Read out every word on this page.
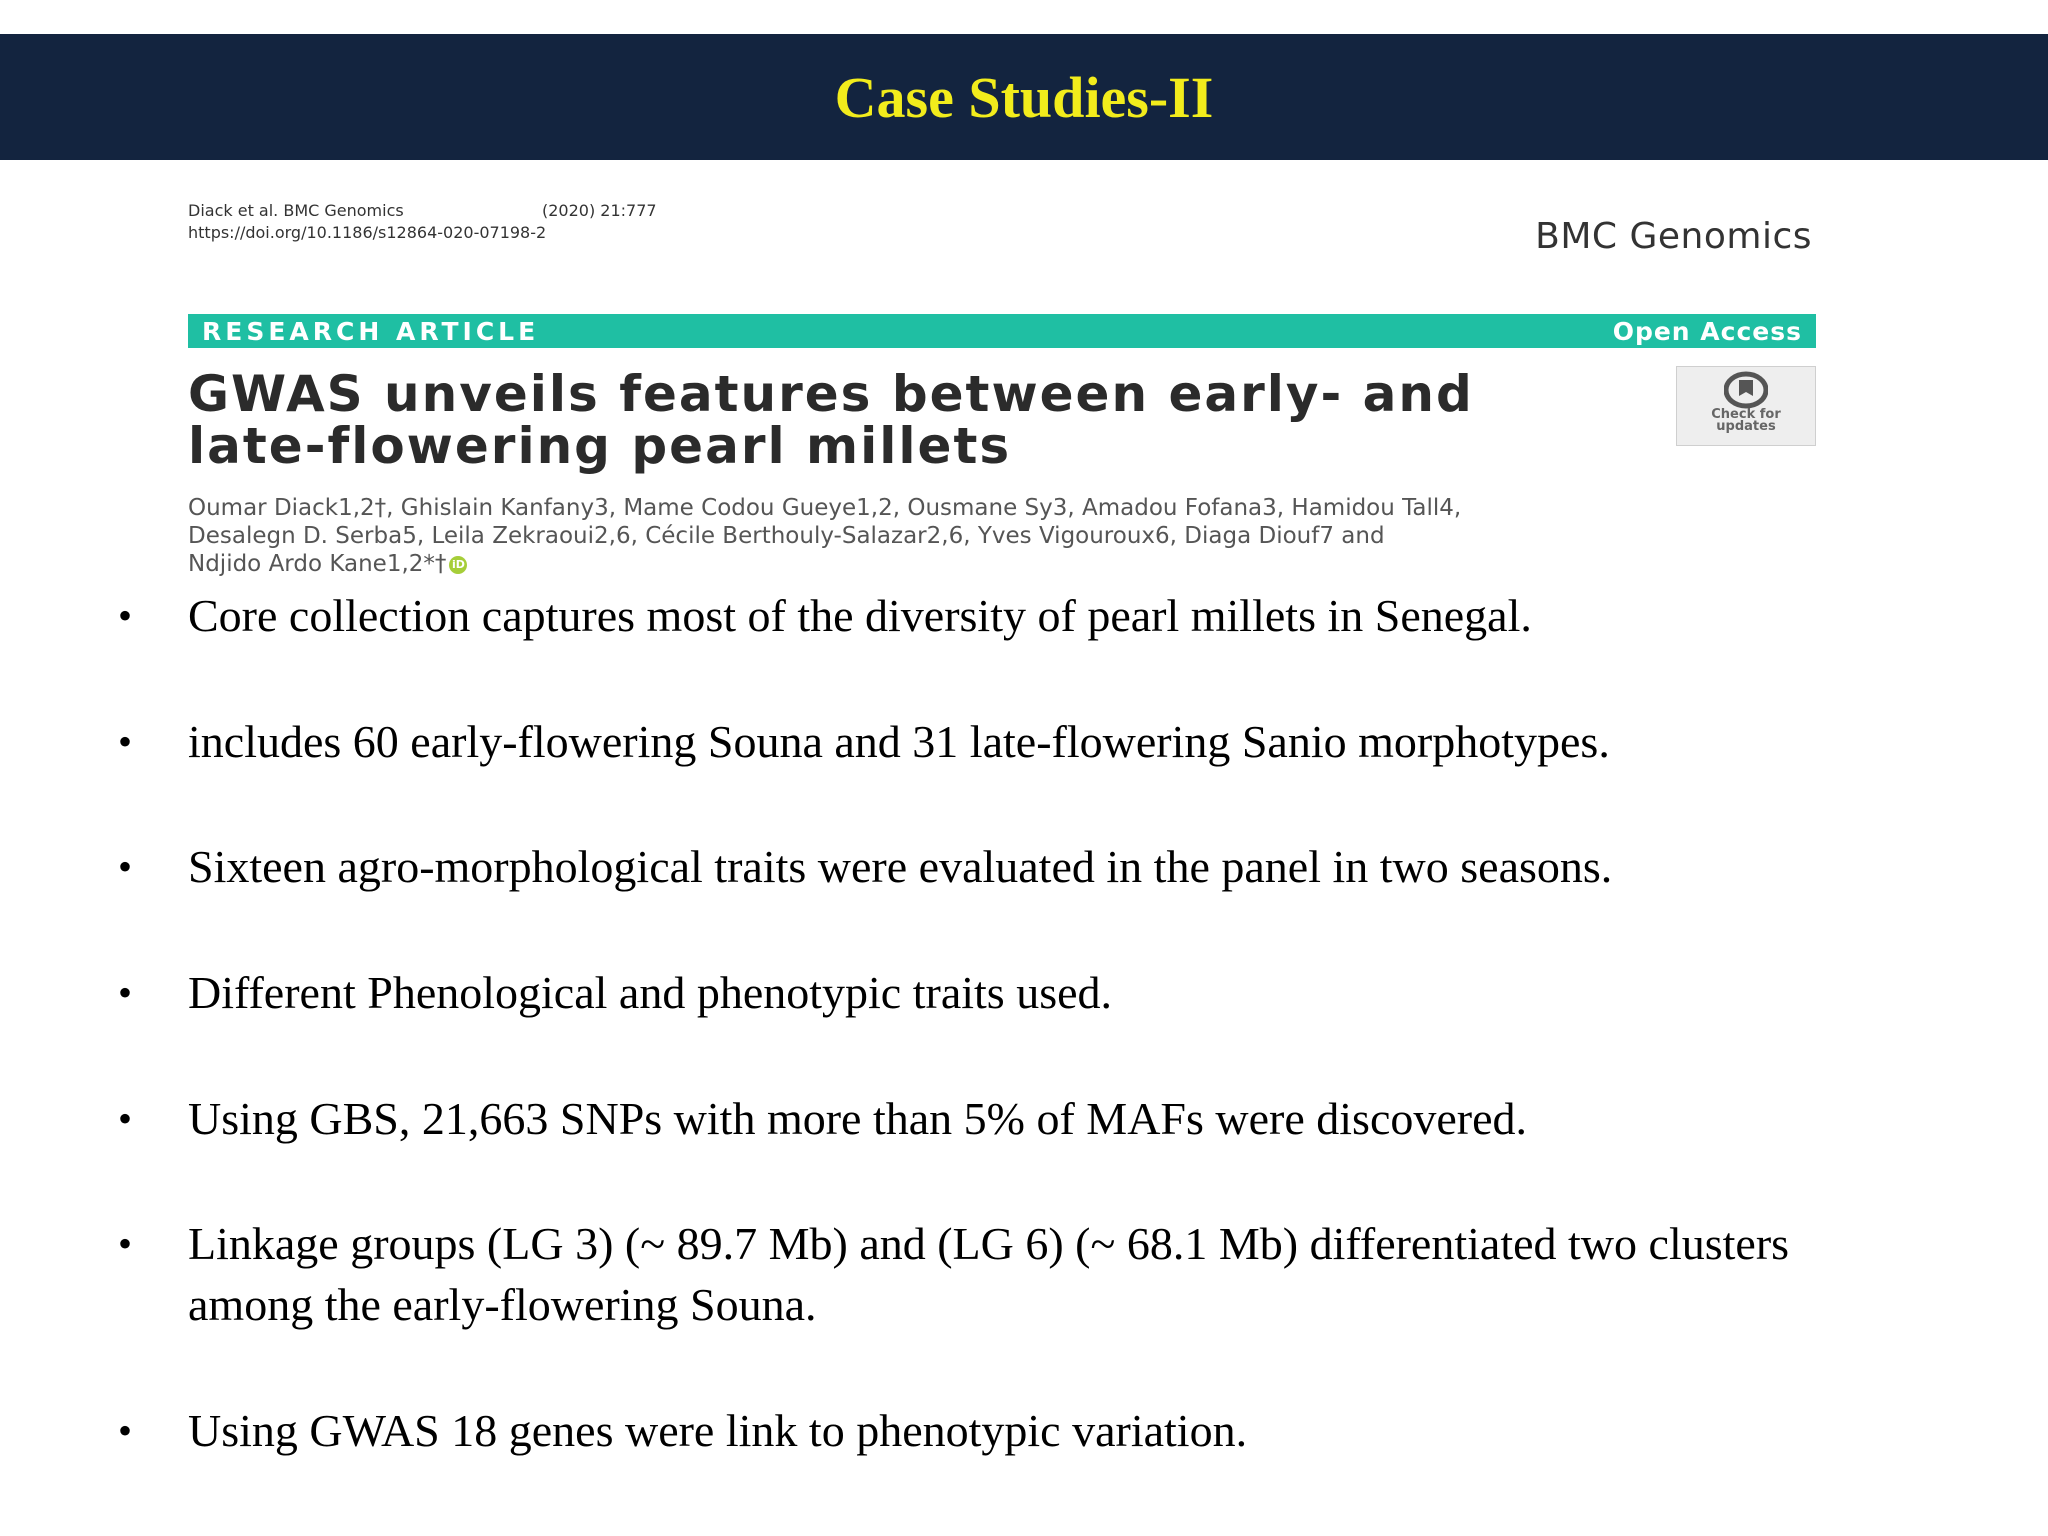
Case Studies-II
Diack et al. BMC Genomics	(2020) 21:777
https://doi.org/10.1186/s12864-020-07198-2	BMC Genomics
RESEARCH ARTICLE	Open Access
GWAS unveils features between early- and
late-flowering pearl millets
Check for
updates
Oumar Diack1,2†, Ghislain Kanfany3, Mame Codou Gueye1,2, Ousmane Sy3, Amadou Fofana3, Hamidou Tall4,
Desalegn D. Serba5, Leila Zekraoui2,6, Cécile Berthouly-Salazar2,6, Yves Vigouroux6, Diaga Diouf7 and
Ndjido Ardo Kane1,2*† iD
•	Core collection captures most of the diversity of pearl millets in Senegal.
•	includes 60 early-flowering Souna and 31 late-flowering Sanio morphotypes.
•	Sixteen agro-morphological traits were evaluated in the panel in two seasons.
•	Different Phenological and phenotypic traits used.
•	Using GBS, 21,663 SNPs with more than 5% of MAFs were discovered.
•	Linkage groups (LG 3) (~ 89.7 Mb) and (LG 6) (~ 68.1 Mb) differentiated two clusters among the early-flowering Souna.
•	Using GWAS 18 genes were link to phenotypic variation.
